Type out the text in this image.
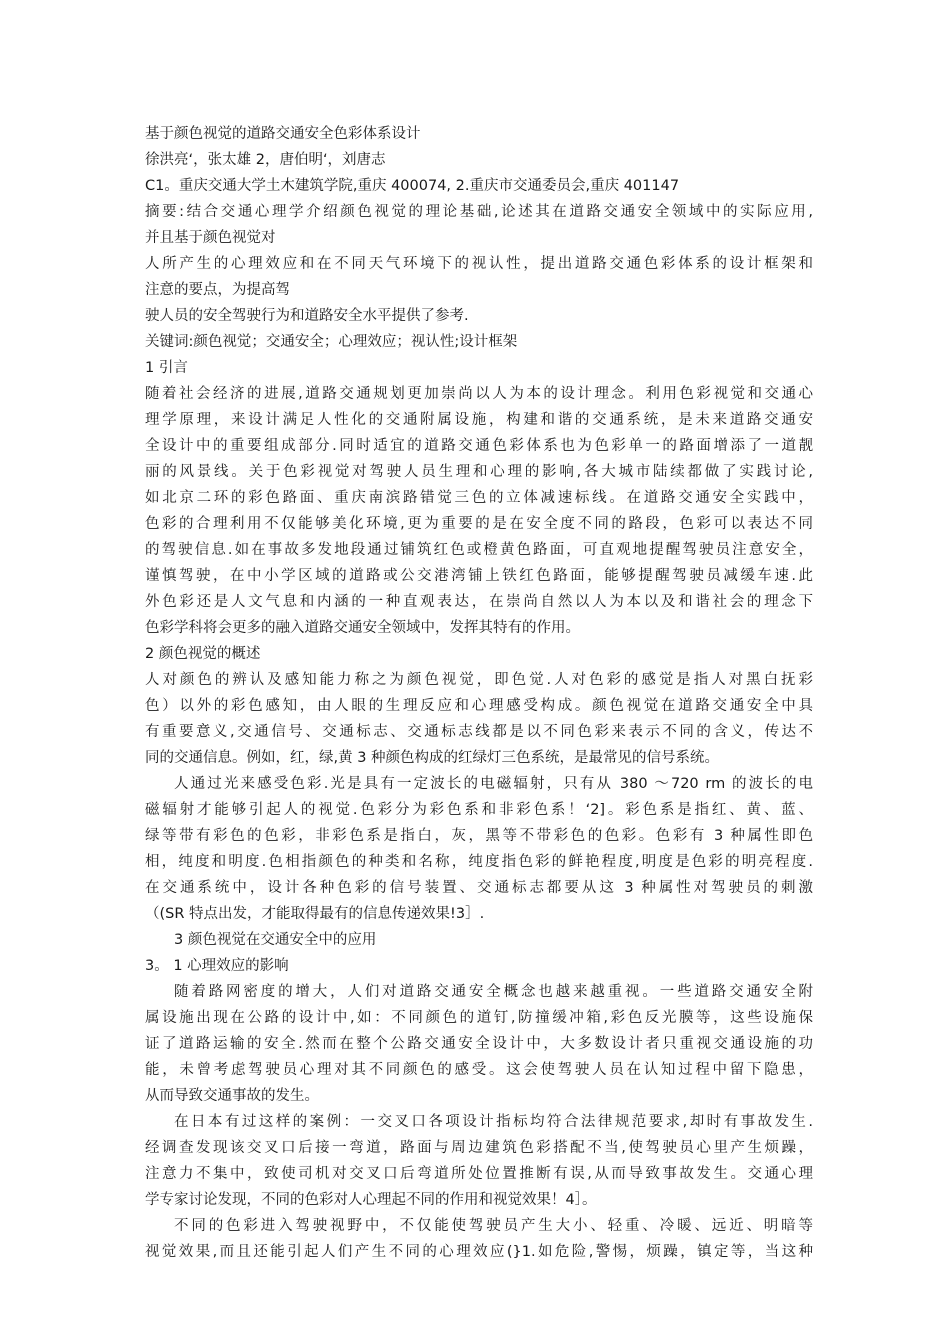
基于颜色视觉的道路交通安全色彩体系设计
徐洪亮‘，张太雄 2，唐伯明‘，刘唐志
C1。重庆交通大学土木建筑学院,重庆 400074, 2.重庆市交通委员会,重庆 401147
摘要:结合交通心理学介绍颜色视觉的理论基础,论述其在道路交通安全领域中的实际应用,
并且基于颜色视觉对
人所产生的心理效应和在不同天气环境下的视认性，提出道路交通色彩体系的设计框架和
注意的要点，为提高驾
驶人员的安全驾驶行为和道路安全水平提供了参考.
关键词:颜色视觉；交通安全；心理效应；视认性;设计框架
1 引言
随着社会经济的进展,道路交通规划更加崇尚以人为本的设计理念。利用色彩视觉和交通心
理学原理，来设计满足人性化的交通附属设施，构建和谐的交通系统，是未来道路交通安
全设计中的重要组成部分.同时适宜的道路交通色彩体系也为色彩单一的路面增添了一道靓
丽的风景线。关于色彩视觉对驾驶人员生理和心理的影响,各大城市陆续都做了实践讨论,
如北京二环的彩色路面、重庆南滨路错觉三色的立体减速标线。在道路交通安全实践中，
色彩的合理利用不仅能够美化环境,更为重要的是在安全度不同的路段，色彩可以表达不同
的驾驶信息.如在事故多发地段通过铺筑红色或橙黄色路面，可直观地提醒驾驶员注意安全，
谨慎驾驶，在中小学区域的道路或公交港湾铺上铁红色路面，能够提醒驾驶员减缓车速.此
外色彩还是人文气息和内涵的一种直观表达，在崇尚自然以人为本以及和谐社会的理念下
色彩学科将会更多的融入道路交通安全领域中，发挥其特有的作用。
2 颜色视觉的概述
人对颜色的辨认及感知能力称之为颜色视觉，即色觉.人对色彩的感觉是指人对黑白抚彩
色）以外的彩色感知，由人眼的生理反应和心理感受构成。颜色视觉在道路交通安全中具
有重要意义,交通信号、交通标志、交通标志线都是以不同色彩来表示不同的含义，传达不
同的交通信息。例如，红，绿,黄 3 种颜色构成的红绿灯三色系统，是最常见的信号系统。
人通过光来感受色彩.光是具有一定波长的电磁辐射，只有从 380 ～720 rm 的波长的电
磁辐射才能够引起人的视觉.色彩分为彩色系和非彩色系！‘2]。彩色系是指红、黄、蓝、
绿等带有彩色的色彩，非彩色系是指白，灰，黑等不带彩色的色彩。色彩有 3 种属性即色
相，纯度和明度.色相指颜色的种类和名称，纯度指色彩的鲜艳程度,明度是色彩的明亮程度.
在交通系统中，设计各种色彩的信号装置、交通标志都要从这 3 种属性对驾驶员的刺激
（(SR 特点出发，才能取得最有的信息传递效果!3］.
3 颜色视觉在交通安全中的应用
3。 1 心理效应的影响
随着路网密度的增大，人们对道路交通安全概念也越来越重视。一些道路交通安全附
属设施出现在公路的设计中,如：不同颜色的道钉,防撞缓冲箱,彩色反光膜等，这些设施保
证了道路运输的安全.然而在整个公路交通安全设计中，大多数设计者只重视交通设施的功
能，未曾考虑驾驶员心理对其不同颜色的感受。这会使驾驶人员在认知过程中留下隐患，
从而导致交通事故的发生。
在日本有过这样的案例：一交叉口各项设计指标均符合法律规范要求,却时有事故发生.
经调查发现该交叉口后接一弯道，路面与周边建筑色彩搭配不当,使驾驶员心里产生烦躁，
注意力不集中，致使司机对交叉口后弯道所处位置推断有误,从而导致事故发生。交通心理
学专家讨论发现，不同的色彩对人心理起不同的作用和视觉效果！4］。
不同的色彩进入驾驶视野中，不仅能使驾驶员产生大小、轻重、冷暖、远近、明暗等
视觉效果,而且还能引起人们产生不同的心理效应(}1.如危险,警惕，烦躁，镇定等，当这种
